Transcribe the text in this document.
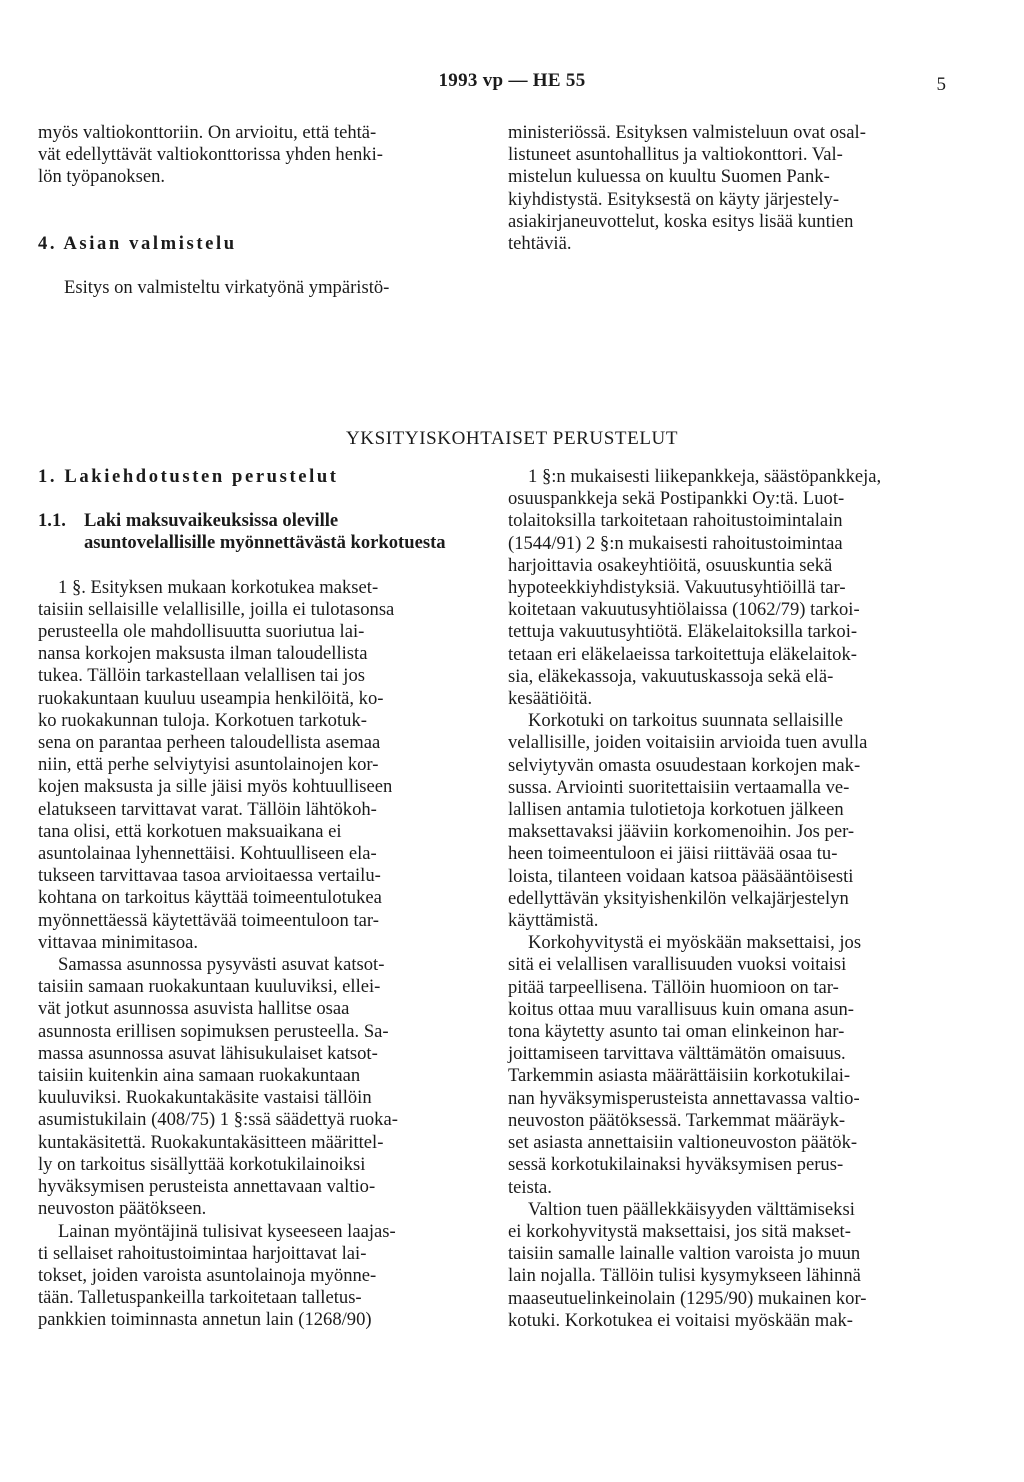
1993 vp — HE 55	5
myös valtiokonttoriin. On arvioitu, että tehtä-
vät edellyttävät valtiokonttorissa yhden henki-
lön työpanoksen.
4. Asian valmistelu
Esitys on valmisteltu virkatyönä ympäristö-
ministeriössä. Esityksen valmisteluun ovat osal-
listuneet asuntohallitus ja valtiokonttori. Val-
mistelun kuluessa on kuultu Suomen Pank-
kiyhdistystä. Esityksestä on käyty järjestely-
asiakirjaneuvottelut, koska esitys lisää kuntien
tehtäviä.
YKSITYISKOHTAISET PERUSTELUT
1. Lakiehdotusten perustelut
1.1. Laki maksuvaikeuksissa oleville asuntovelallisille myönnettävästä korkotuesta
1 §. Esityksen mukaan korkotukea makset-
taisiin sellaisille velallisille, joilla ei tulotasonsa
perusteella ole mahdollisuutta suoriutua lai-
nansa korkojen maksusta ilman taloudellista
tukea. Tällöin tarkastellaan velallisen tai jos
ruokakuntaan kuuluu useampia henkilöitä, ko-
ko ruokakunnan tuloja. Korkotuen tarkotuk-
sena on parantaa perheen taloudellista asemaa
niin, että perhe selviytyisi asuntolainojen kor-
kojen maksusta ja sille jäisi myös kohtuulliseen
elatukseen tarvittavat varat. Tällöin lähtökoh-
tana olisi, että korkotuen maksuaikana ei
asuntolainaa lyhennettäisi. Kohtuulliseen ela-
tukseen tarvittavaa tasoa arvioitaessa vertailu-
kohtana on tarkoitus käyttää toimeentulotukea
myönnettäessä käytettävää toimeentuloon tar-
vittavaa minimitasoa.
Samassa asunnossa pysyvästi asuvat katsot-
taisiin samaan ruokakuntaan kuuluviksi, ellei-
vät jotkut asunnossa asuvista hallitse osaa
asunnosta erillisen sopimuksen perusteella. Sa-
massa asunnossa asuvat lähisukulaiset katsot-
taisiin kuitenkin aina samaan ruokakuntaan
kuuluviksi. Ruokakuntakäsite vastaisi tällöin
asumistukilain (408/75) 1 §:ssä säädettyä ruoka-
kuntakäsitettä. Ruokakuntakäsitteen määrittel-
ly on tarkoitus sisällyttää korkotukilainoiksi
hyväksymisen perusteista annettavaan valtio-
neuvoston päätökseen.
Lainan myöntäjinä tulisivat kyseeseen laajas-
ti sellaiset rahoitustoimintaa harjoittavat lai-
tokset, joiden varoista asuntolainoja myönne-
tään. Talletuspankeilla tarkoitetaan talletus-
pankkien toiminnasta annetun lain (1268/90)
1 §:n mukaisesti liikepankkeja, säästöpankkeja,
osuuspankkeja sekä Postipankki Oy:tä. Luot-
tolaitoksilla tarkoitetaan rahoitustoimintalain
(1544/91) 2 §:n mukaisesti rahoitustoimintaa
harjoittavia osakeyhtiöitä, osuuskuntia sekä
hypoteekkiyhdistyksiä. Vakuutusyhtiöillä tar-
koitetaan vakuutusyhtiölaissa (1062/79) tarkoi-
tettuja vakuutusyhtiötä. Eläkelaitoksilla tarkoi-
tetaan eri eläkelaeissa tarkoitettuja eläkelaitok-
sia, eläkekassoja, vakuutuskassoja sekä elä-
kesäätiöitä.
Korkotuki on tarkoitus suunnata sellaisille
velallisille, joiden voitaisiin arvioida tuen avulla
selviytyvän omasta osuudestaan korkojen mak-
sussa. Arviointi suoritettaisiin vertaamalla ve-
lallisen antamia tulotietoja korkotuen jälkeen
maksettavaksi jääviin korkomenoihin. Jos per-
heen toimeentuloon ei jäisi riittävää osaa tu-
loista, tilanteen voidaan katsoa pääsääntöisesti
edellyttävän yksityishenkilön velkajärjestelyn
käyttämistä.
Korkohyvitystä ei myöskään maksettaisi, jos
sitä ei velallisen varallisuuden vuoksi voitaisi
pitää tarpeellisena. Tällöin huomioon on tar-
koitus ottaa muu varallisuus kuin omana asun-
tona käytetty asunto tai oman elinkeinon har-
joittamiseen tarvittava välttämätön omaisuus.
Tarkemmin asiasta määrättäisiin korkotukilai-
nan hyväksymisperusteista annettavassa valtio-
neuvoston päätöksessä. Tarkemmat määräyk-
set asiasta annettaisiin valtioneuvoston päätök-
sessä korkotukilainaksi hyväksymisen perus-
teista.
Valtion tuen päällekkäisyyden välttämiseksi
ei korkohyvitystä maksettaisi, jos sitä makset-
taisiin samalle lainalle valtion varoista jo muun
lain nojalla. Tällöin tulisi kysymykseen lähinnä
maaseutuelinkeinolain (1295/90) mukainen kor-
kotuki. Korkotukea ei voitaisi myöskään mak-
